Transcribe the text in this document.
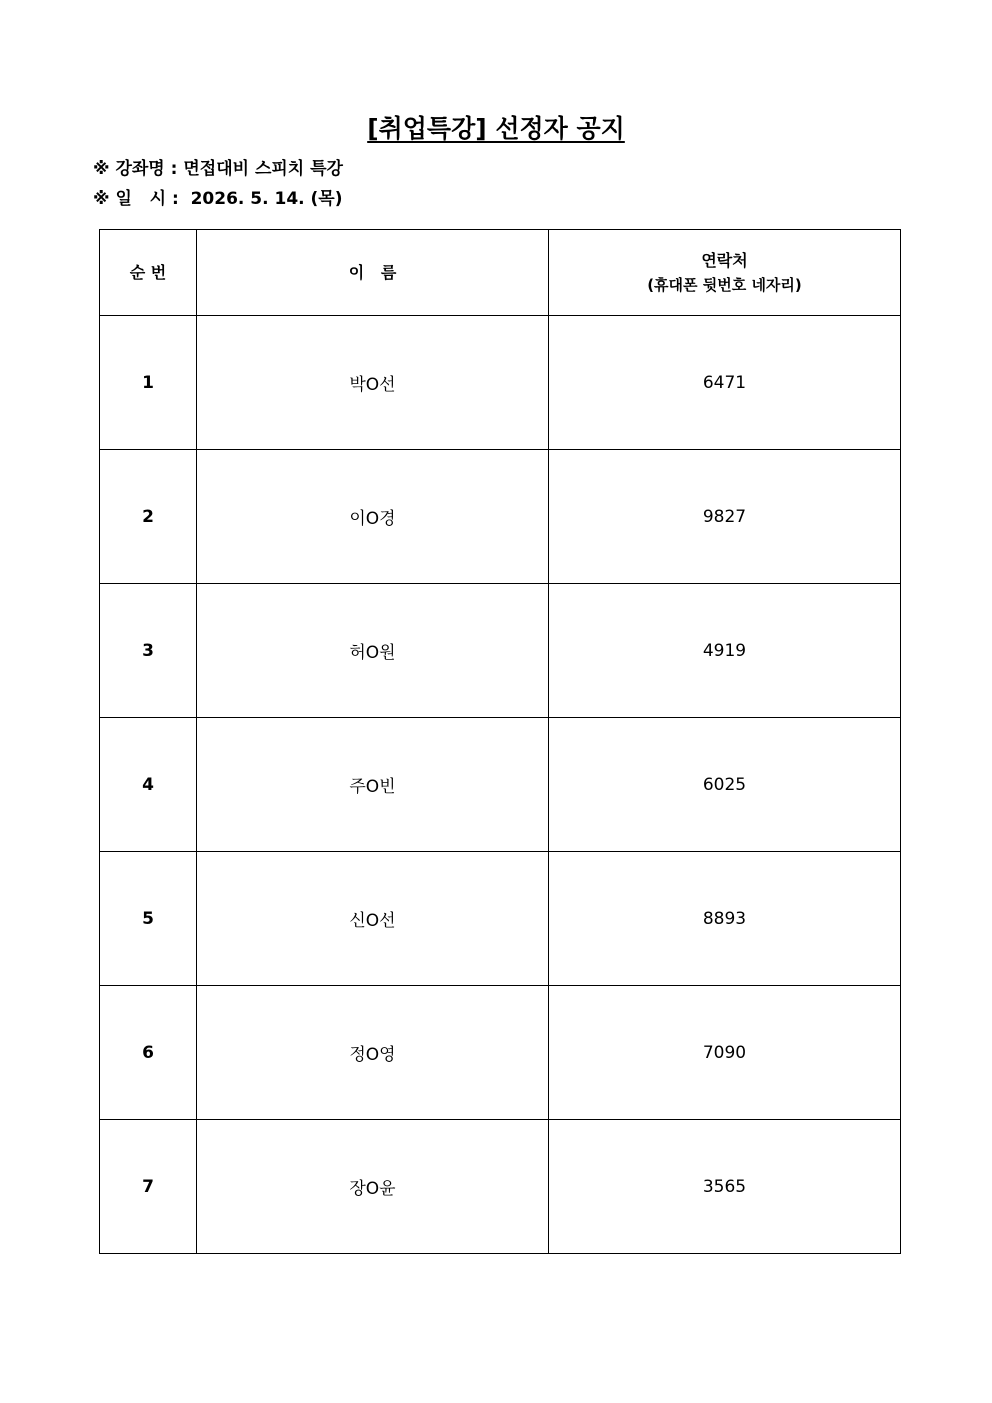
[취업특강] 선정자 공지
※ 강좌명 : 면접대비 스피치 특강
※ 일   시 :  2026. 5. 14. (목)
순 번	이   름	연락처
(휴대폰 뒷번호 네자리)

1	박O선	6471
2	이O경	9827
3	허O원	4919
4	주O빈	6025
5	신O선	8893
6	정O영	7090
7	장O윤	3565
